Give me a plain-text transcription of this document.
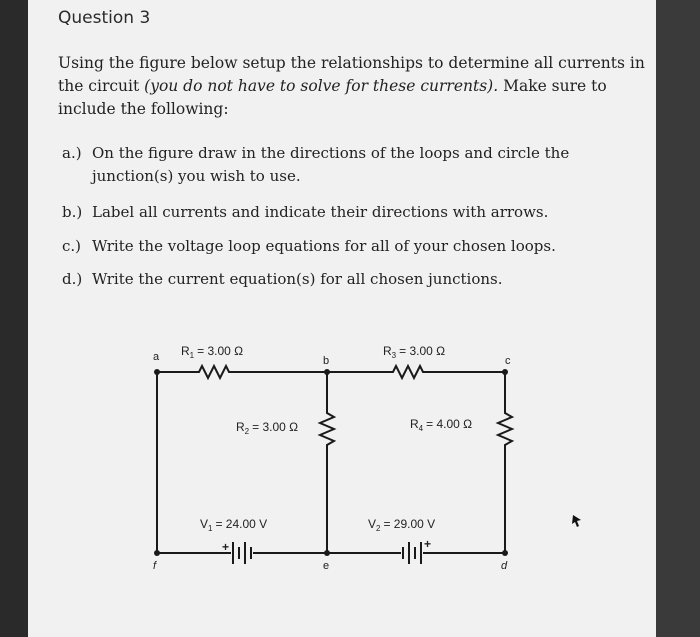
Question 3
Using the figure below setup the relationships to determine all currents in the circuit (you do not have to solve for these currents). Make sure to include the following:
a.) On the figure draw in the directions of the loops and circle the
junction(s) you wish to use.
b.) Label all currents and indicate their directions with arrows.
c.) Write the voltage loop equations for all of your chosen loops.
d.) Write the current equation(s) for all chosen junctions.
a	b	c
d
e
f
$R_1 = 3.00$ Ω	$R_3 = 3.00$ Ω
$R_2 = 3.00$ Ω	$R_4 = 4.00$ Ω
$V_1 = 24.00$ V	$V_2 = 29.00$ V
+	+
